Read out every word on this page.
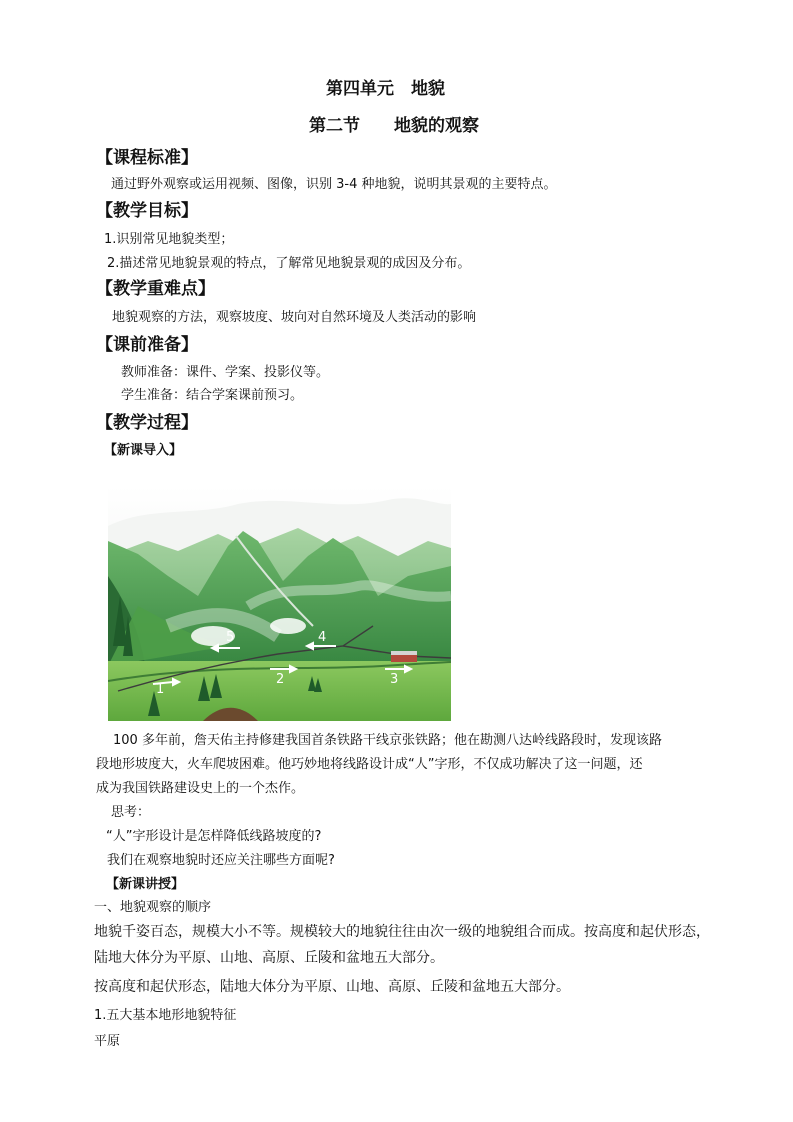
第四单元　地貌
第二节　　地貌的观察
【课程标准】
通过野外观察或运用视频、图像，识别 3-4 种地貌，说明其景观的主要特点。
【教学目标】
1.识别常见地貌类型；
2.描述常见地貌景观的特点，了解常见地貌景观的成因及分布。
【教学重难点】
地貌观察的方法，观察坡度、坡向对自然环境及人类活动的影响
【课前准备】
教师准备：课件、学案、投影仪等。
学生准备：结合学案课前预习。
【教学过程】
【新课导入】
1
2	3
4
5
100 多年前，詹天佑主持修建我国首条铁路干线京张铁路；他在勘测八达岭线路段时，发现该路
段地形坡度大，火车爬坡困难。他巧妙地将线路设计成“人”字形，不仅成功解决了这一问题，还
成为我国铁路建设史上的一个杰作。
思考：
“人”字形设计是怎样降低线路坡度的?
我们在观察地貌时还应关注哪些方面呢?
【新课讲授】
一、地貌观察的顺序
地貌千姿百态，规模大小不等。规模较大的地貌往往由次一级的地貌组合而成。按高度和起伏形态，
陆地大体分为平原、山地、高原、丘陵和盆地五大部分。
按高度和起伏形态，陆地大体分为平原、山地、高原、丘陵和盆地五大部分。
1.五大基本地形地貌特征
平原
